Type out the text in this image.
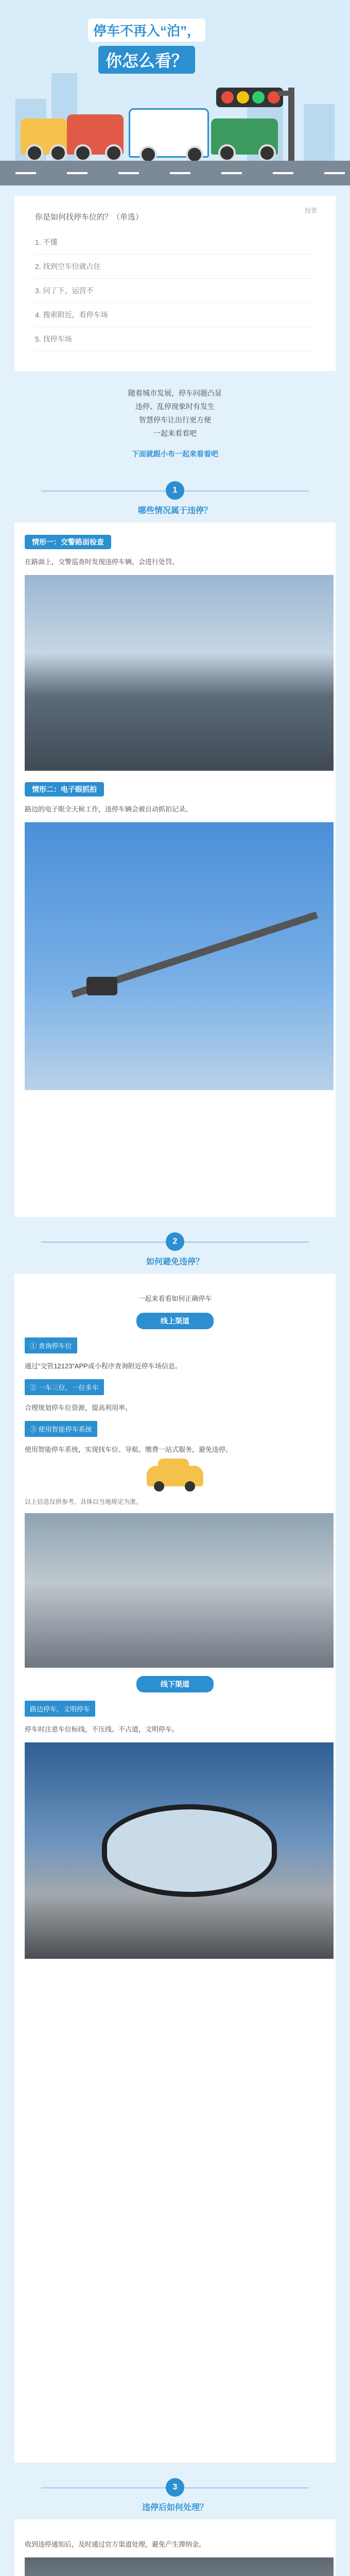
停车不再入“泊”，
你怎么看？
投票
你是如何找停车位的？（单选）
1. 不懂
2. 找到空车位就占住
3. 问了下，运营不
4. 搜索附近，看停车场
5. 找停车场
随着城市发展，停车问题凸显
违停、乱停现象时有发生
智慧停车让出行更方便
一起来看看吧
下面就跟小布一起来看看吧
1
哪些情况属于违停？
情形一：交警路面检查
在路面上，交警巡查时发现违停车辆，会进行处罚。
情形二：电子眼抓拍
路边的电子眼全天候工作，违停车辆会被自动抓拍记录。
2
如何避免违停？
一起来看看如何正确停车
线上渠道
① 查询停车位
通过“交管12123”APP或小程序查询附近停车场信息。
② 一车三位、一位多车
合理规划停车位资源，提高利用率。
③ 使用智能停车系统
使用智能停车系统，实现找车位、导航、缴费一站式服务，避免违停。
以上信息仅供参考，具体以当地规定为准。
线下渠道
路边停车，文明停车
停车时注意车位标线，不压线、不占道，文明停车。
3
违停后如何处理？
收到违停通知后，及时通过官方渠道处理，避免产生滞纳金。
